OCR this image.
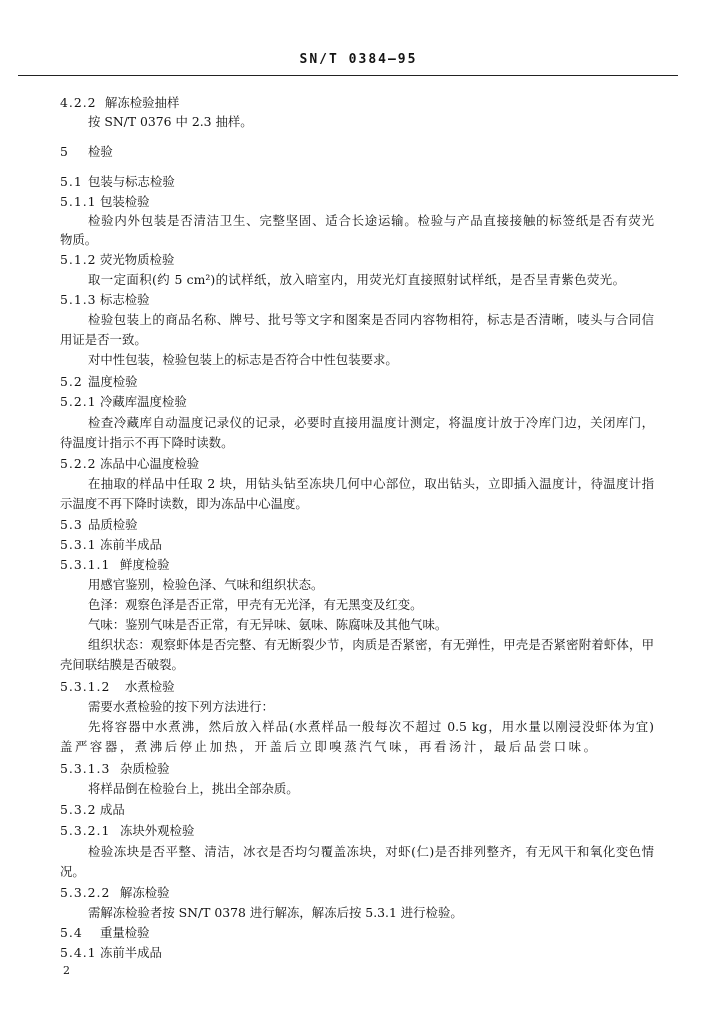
SN/T 0384—95
4.2.2 解冻检验抽样
按 SN/T 0376 中 2.3 抽样。
5 检验
5.1 包装与标志检验
5.1.1 包装检验
检验内外包装是否清洁卫生、完整坚固、适合长途运输。检验与产品直接接触的标签纸是否有荧光
物质。
5.1.2 荧光物质检验
取一定面积(约 5 cm²)的试样纸，放入暗室内，用荧光灯直接照射试样纸，是否呈青紫色荧光。
5.1.3 标志检验
检验包装上的商品名称、牌号、批号等文字和图案是否同内容物相符，标志是否清晰，唛头与合同信
用证是否一致。
对中性包装，检验包装上的标志是否符合中性包装要求。
5.2 温度检验
5.2.1 冷藏库温度检验
检查冷藏库自动温度记录仪的记录，必要时直接用温度计测定，将温度计放于冷库门边，关闭库门，
待温度计指示不再下降时读数。
5.2.2 冻品中心温度检验
在抽取的样品中任取 2 块，用钻头钻至冻块几何中心部位，取出钻头，立即插入温度计，待温度计指
示温度不再下降时读数，即为冻品中心温度。
5.3 品质检验
5.3.1 冻前半成品
5.3.1.1 鲜度检验
用感官鉴别，检验色泽、气味和组织状态。
色泽：观察色泽是否正常，甲壳有无光泽，有无黑变及红变。
气味：鉴别气味是否正常，有无异味、氨味、陈腐味及其他气味。
组织状态：观察虾体是否完整、有无断裂少节，肉质是否紧密，有无弹性，甲壳是否紧密附着虾体，甲
壳间联结膜是否破裂。
5.3.1.2 水煮检验
需要水煮检验的按下列方法进行：
先将容器中水煮沸，然后放入样品(水煮样品一般每次不超过 0.5 kg，用水量以刚浸没虾体为宜)
盖严容器，煮沸后停止加热，开盖后立即嗅蒸汽气味，再看汤汁，最后品尝口味。
5.3.1.3 杂质检验
将样品倒在检验台上，挑出全部杂质。
5.3.2 成品
5.3.2.1 冻块外观检验
检验冻块是否平整、清洁，冰衣是否均匀覆盖冻块，对虾(仁)是否排列整齐，有无风干和氧化变色情
况。
5.3.2.2 解冻检验
需解冻检验者按 SN/T 0378 进行解冻，解冻后按 5.3.1 进行检验。
5.4 重量检验
5.4.1 冻前半成品
2
